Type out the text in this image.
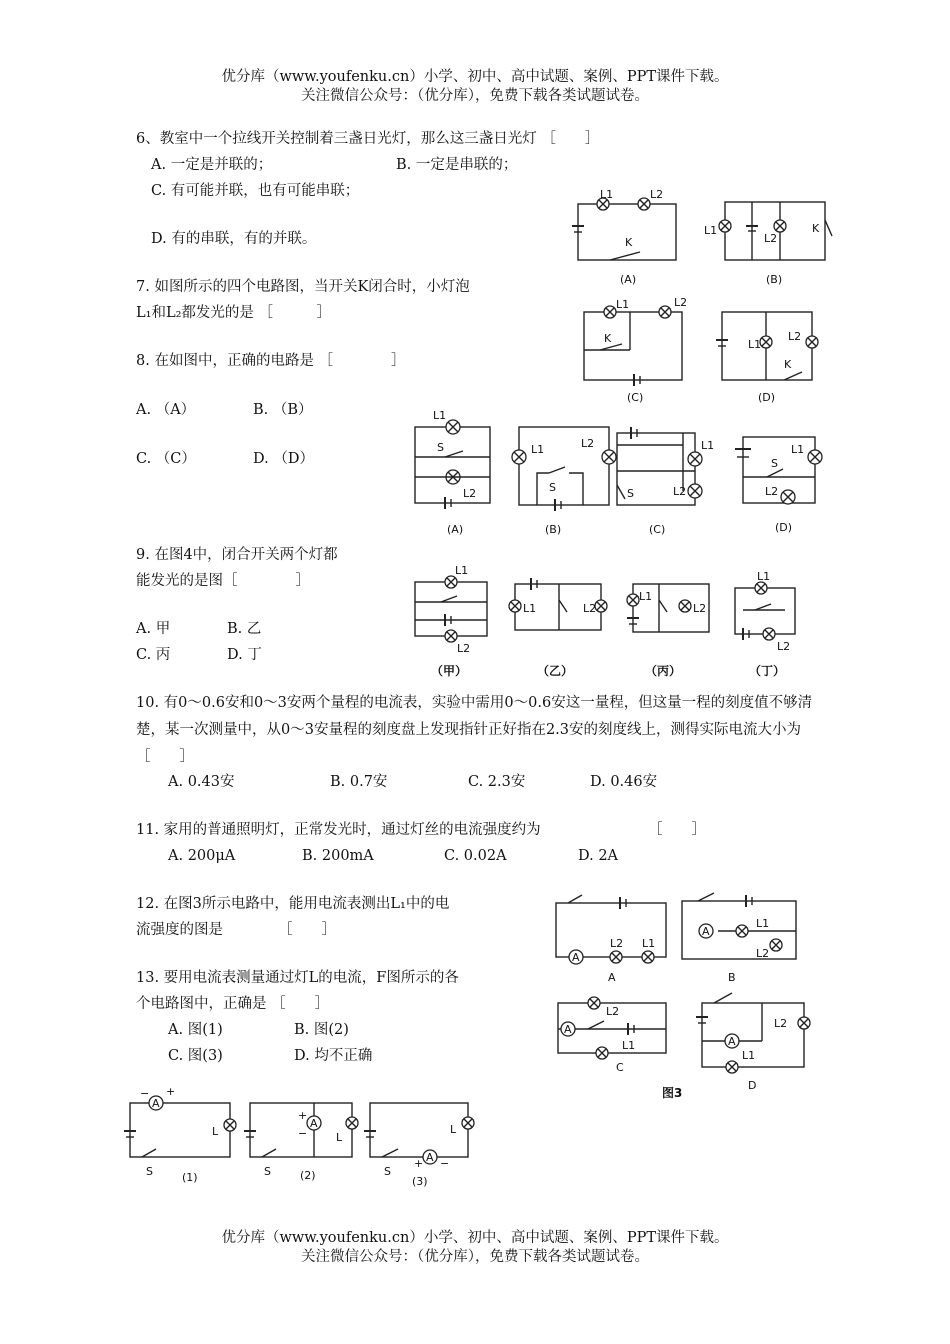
优分库（www.youfenku.cn）小学、初中、高中试题、案例、PPT课件下载。
关注微信公众号：（优分库），免费下载各类试题试卷。
6、教室中一个拉线开关控制着三盏日光灯，那么这三盏日光灯 ［　　］
A. 一定是并联的；	B. 一定是串联的；
C. 有可能并联，也有可能串联；
D. 有的串联，有的并联。
7. 如图所示的四个电路图，当开关K闭合时，小灯泡
L₁和L₂都发光的是 ［　　　］
8. 在如图中，正确的电路是 ［　　　　］
A. （A）	B. （B）
C. （C）	D. （D）
9. 在图4中，闭合开关两个灯都
能发光的是图［　　　　］
A. 甲	B. 乙
C. 丙	D. 丁
10. 有0～0.6安和0～3安两个量程的电流表，实验中需用0～0.6安这一量程，但这量一程的刻度值不够清楚，某一次测量中，从0～3安量程的刻度盘上发现指针正好指在2.3安的刻度线上，测得实际电流大小为 ［　　］
A. 0.43安	B. 0.7安	C. 2.3安	D. 0.46安
11. 家用的普通照明灯，正常发光时，通过灯丝的电流强度约为	［　　］
A. 200μA	B. 200mA	C. 0.02A	D. 2A
12. 在图3所示电路中，能用电流表测出L₁中的电
流强度的图是	［　　］
13. 要用电流表测量通过灯L的电流，F图所示的各
个电路图中，正确是 ［　　］
A. 图(1)	B. 图(2)
C. 图(3)	D. 均不正确
L1	L2
K
(A)
L1
L2
K
(B)
L1	L2
K	L1
L2
K
(C)	(D)
L1
S
L2
(A)
L1	L2
S
(B)
L1
L2
S
(C)
L1
S
L2
(D)
L1
L2
L1	L2
L1
L2
L1
L2
（甲）	（乙）	（丙）	（丁）
A
L2 L1
A
A
L1
L2
B
A
L2
L1
C
A
L2
L1
D
图3
A
− +
L
S	(1)
A
+
−	L
S	(2)
A
+ −
L
S
(3)
优分库（www.youfenku.cn）小学、初中、高中试题、案例、PPT课件下载。
关注微信公众号：（优分库），免费下载各类试题试卷。
